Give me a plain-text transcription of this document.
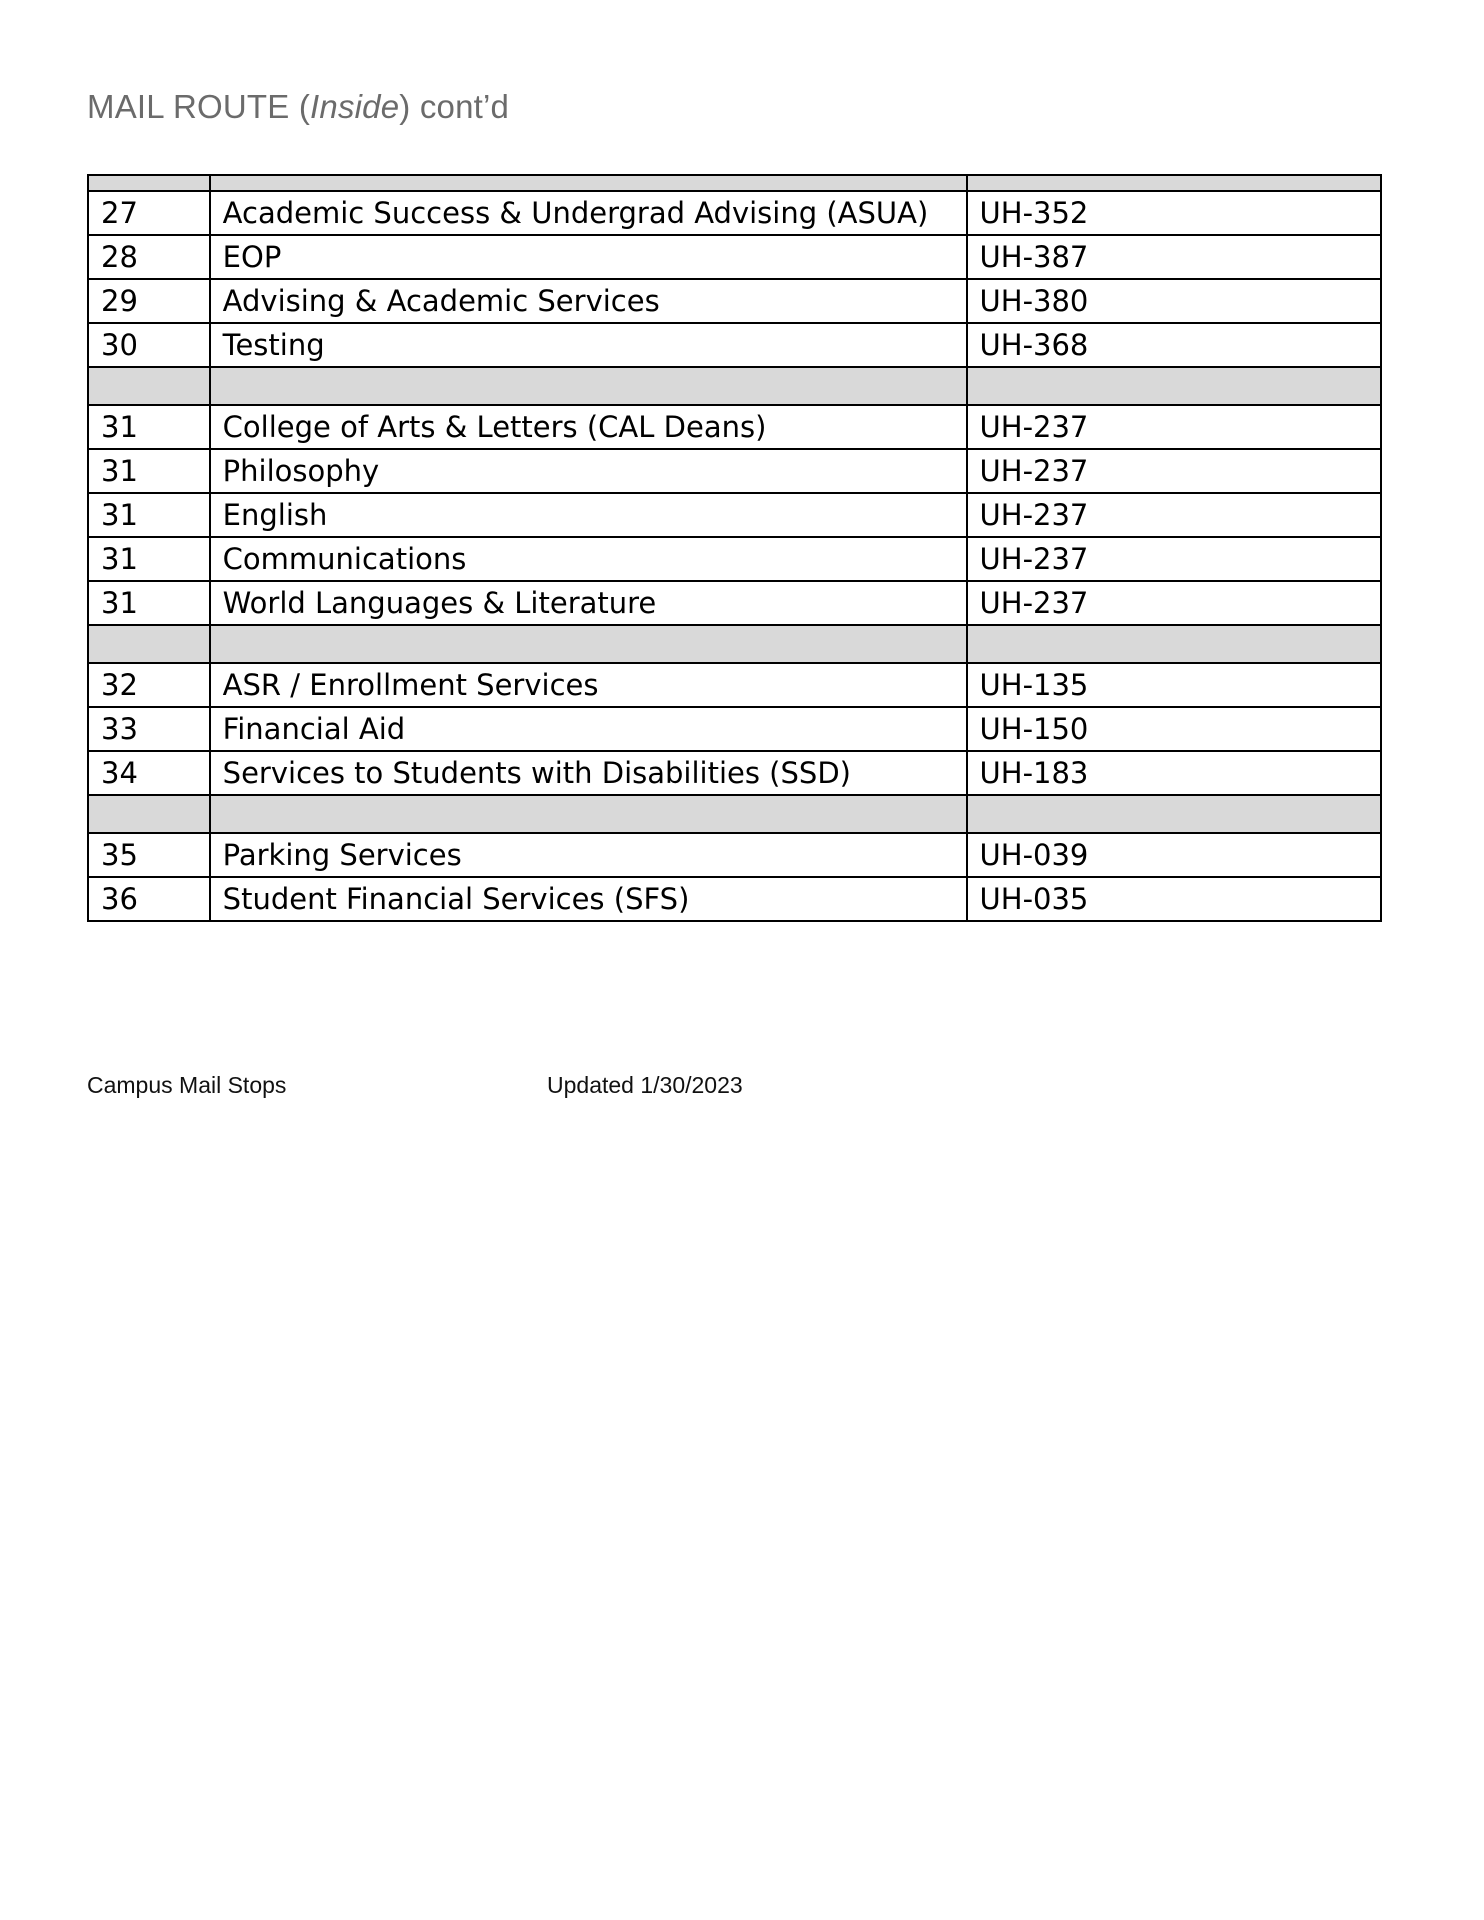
MAIL ROUTE (Inside) cont’d

27	Academic Success & Undergrad Advising (ASUA)	UH-352
28	EOP	UH-387
29	Advising & Academic Services	UH-380
30	Testing	UH-368

31	College of Arts & Letters (CAL Deans)	UH-237
31	Philosophy	UH-237
31	English	UH-237
31	Communications	UH-237
31	World Languages & Literature	UH-237

32	ASR / Enrollment Services	UH-135
33	Financial Aid	UH-150
34	Services to Students with Disabilities (SSD)	UH-183

35	Parking Services	UH-039
36	Student Financial Services (SFS)	UH-035
Campus Mail Stops	Updated 1/30/2023
